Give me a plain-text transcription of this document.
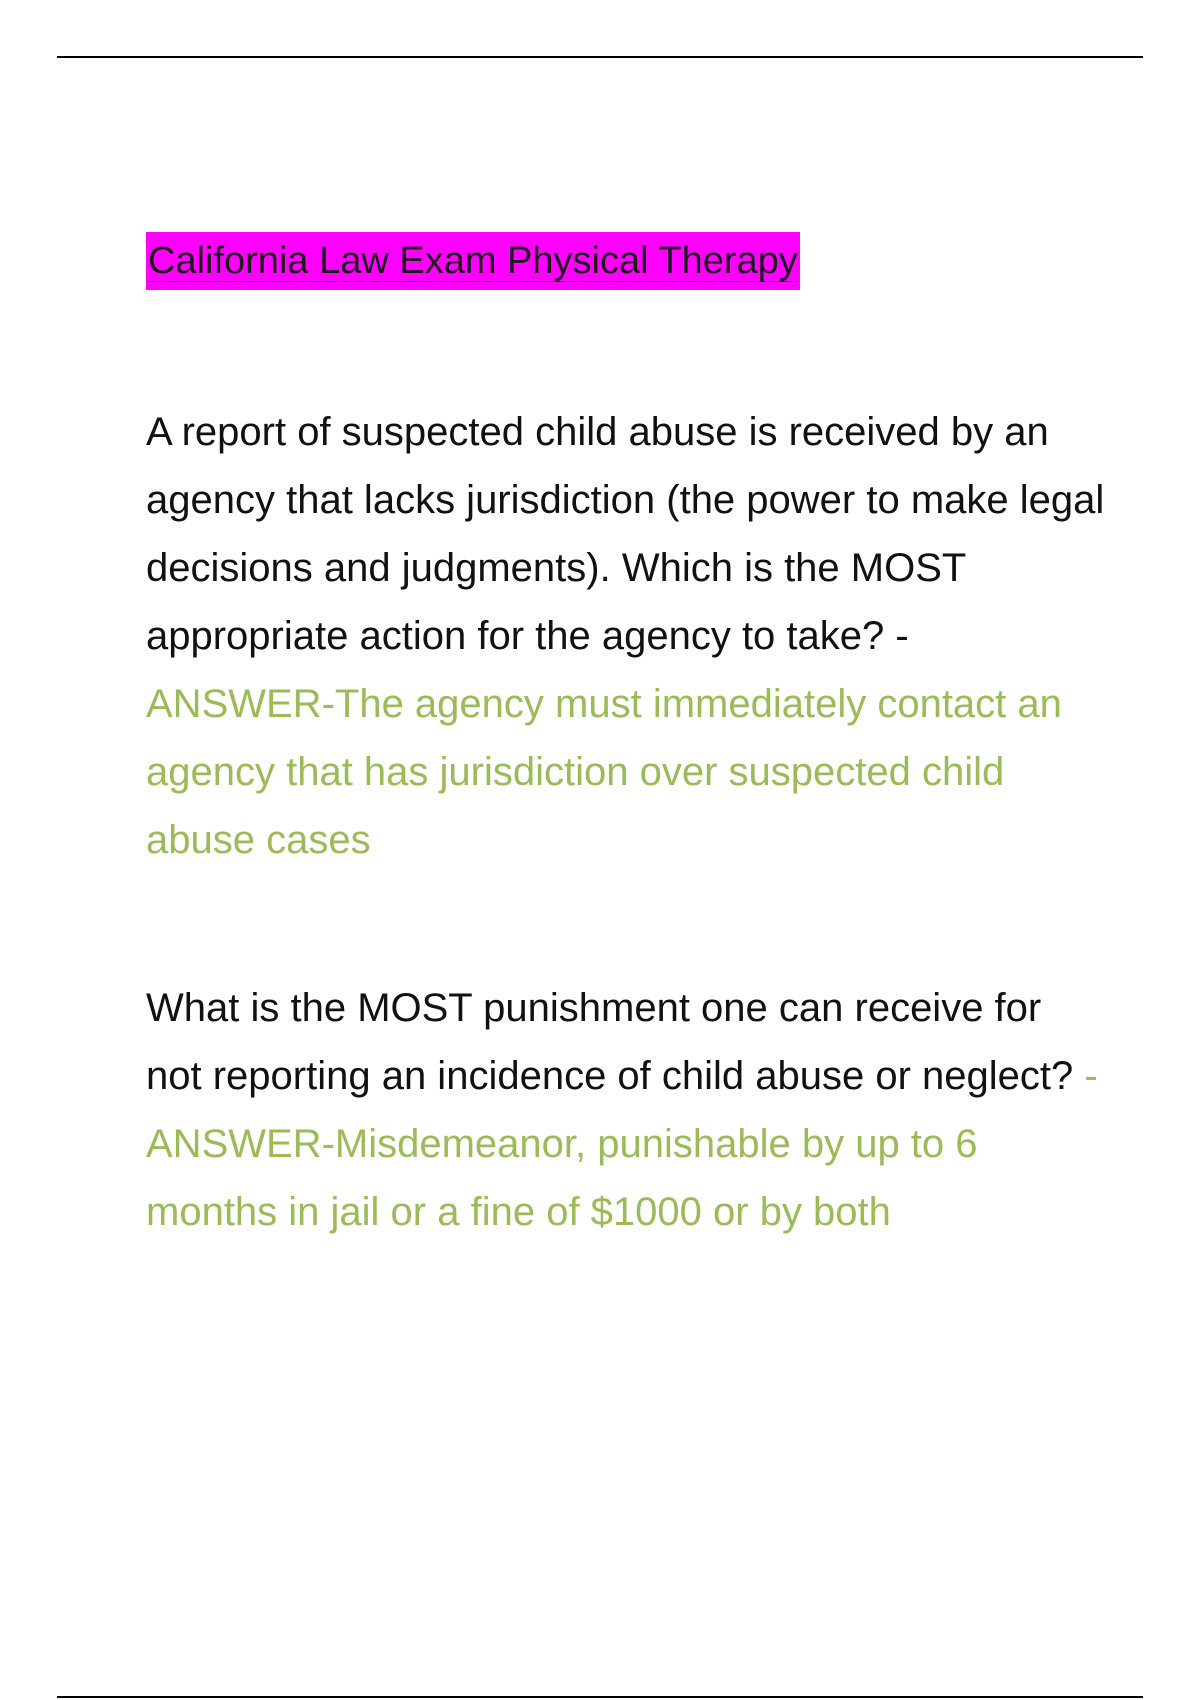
California Law Exam Physical Therapy

A report of suspected child abuse is received by an agency that lacks jurisdiction (the power to make legal decisions and judgments). Which is the MOST appropriate action for the agency to take? - ANSWER-The agency must immediately contact an agency that has jurisdiction over suspected child abuse cases

What is the MOST punishment one can receive for not reporting an incidence of child abuse or neglect? - ANSWER-Misdemeanor, punishable by up to 6 months in jail or a fine of $1000 or by both
